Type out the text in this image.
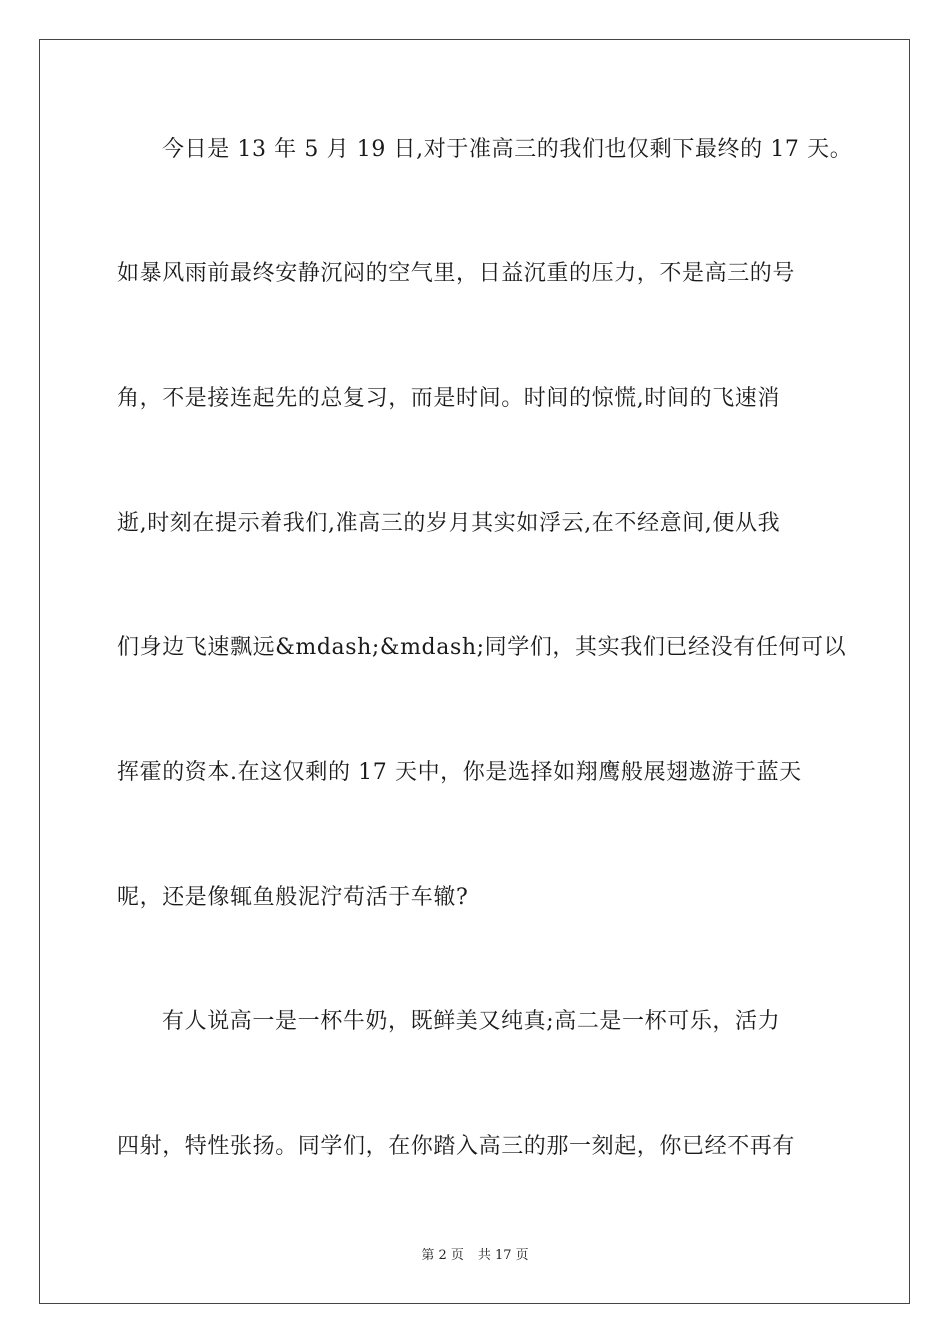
今日是 13 年 5 月 19 日,对于准高三的我们也仅剩下最终的 17 天。
如暴风雨前最终安静沉闷的空气里，日益沉重的压力，不是高三的号
角，不是接连起先的总复习，而是时间。时间的惊慌,时间的飞速消
逝,时刻在提示着我们,准高三的岁月其实如浮云,在不经意间,便从我
们身边飞速飘远&mdash;&mdash;同学们，其实我们已经没有任何可以
挥霍的资本.在这仅剩的 17 天中，你是选择如翔鹰般展翅遨游于蓝天
呢，还是像辄鱼般泥泞苟活于车辙?
有人说高一是一杯牛奶，既鲜美又纯真;高二是一杯可乐，活力
四射，特性张扬。同学们，在你踏入高三的那一刻起，你已经不再有
第 2 页 共 17 页
